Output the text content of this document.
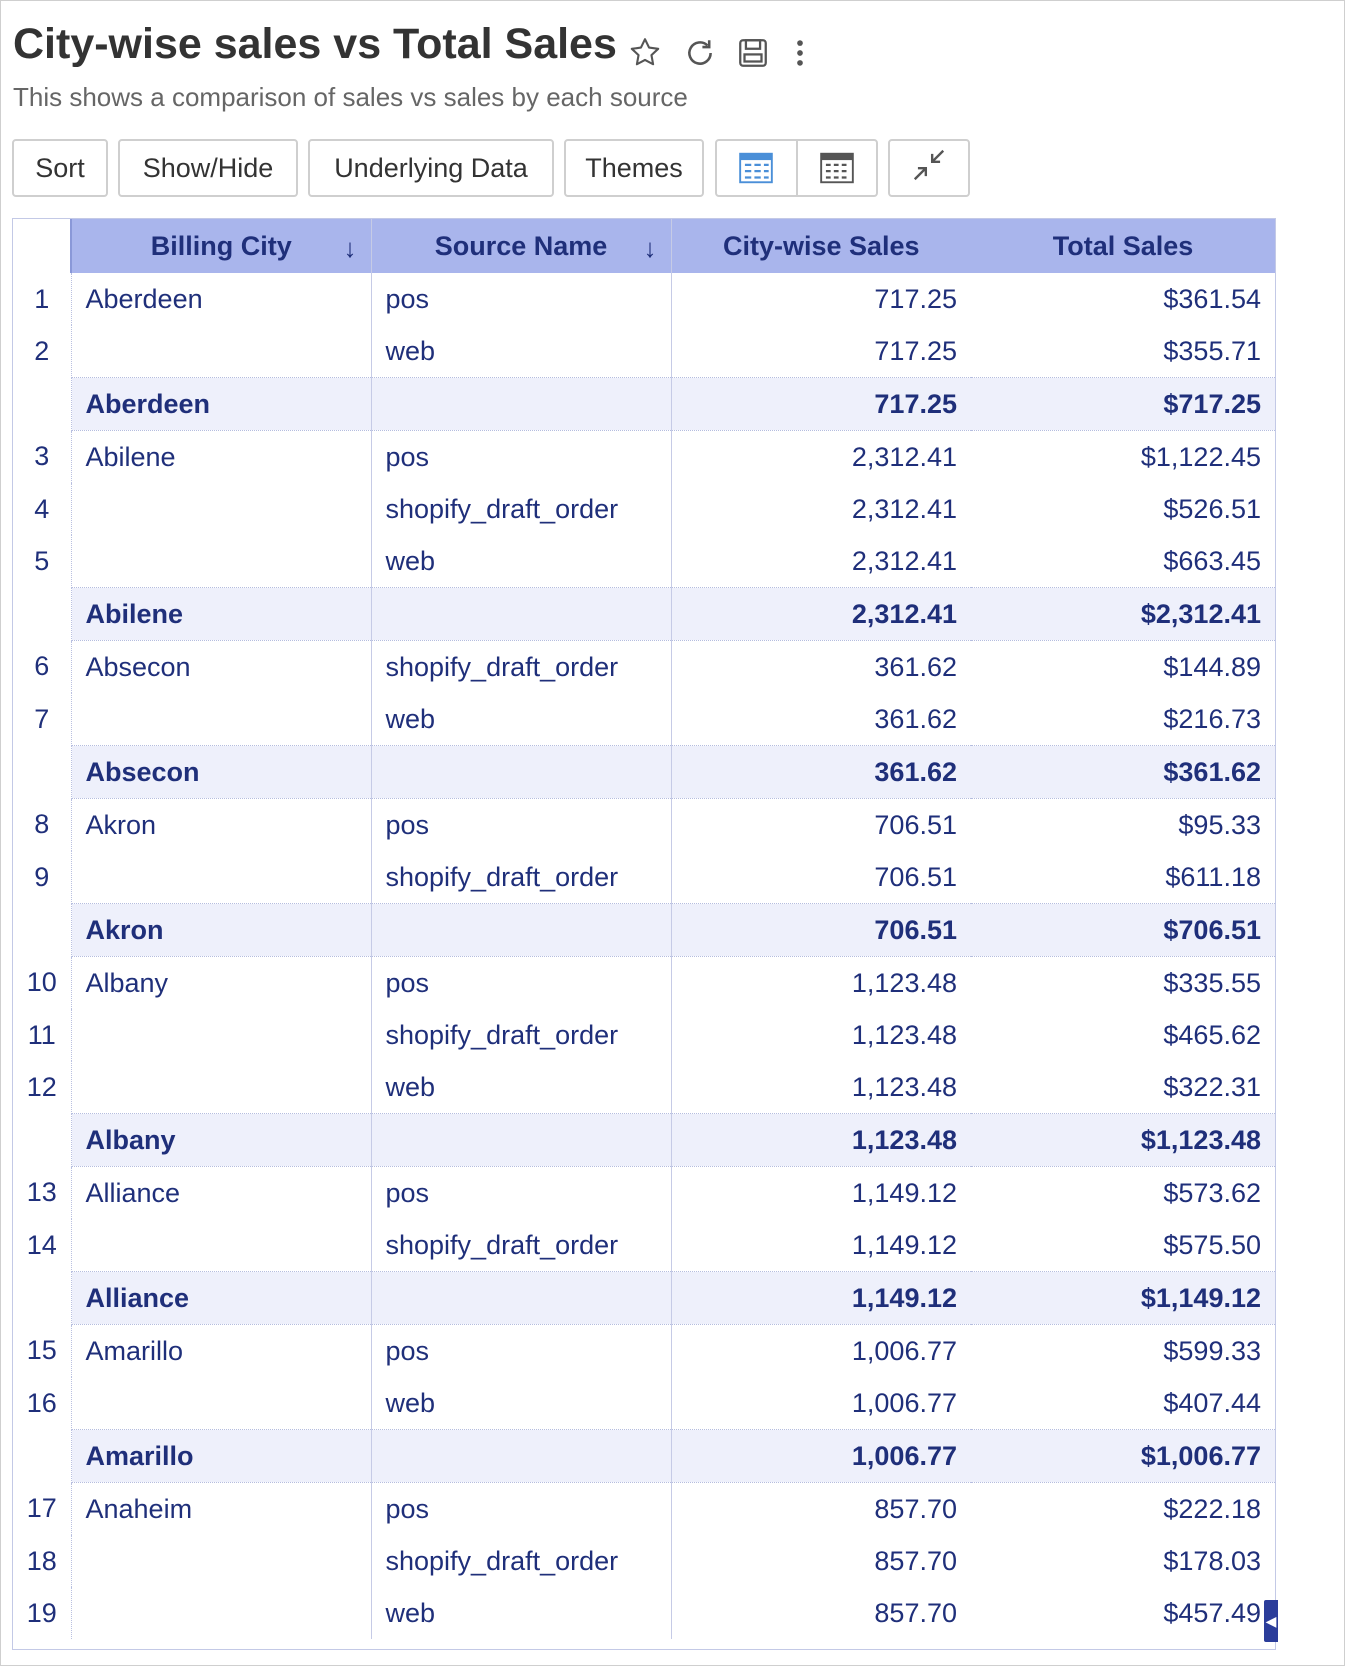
City-wise sales vs Total Sales
This shows a comparison of sales vs sales by each source
Sort	Show/Hide	Underlying Data	Themes

	Billing City ↓	Source Name ↓	City-wise Sales	Total Sales

1	Aberdeen	pos	717.25	$361.54
2		web	717.25	$355.71
	Aberdeen		717.25	$717.25
3	Abilene	pos	2,312.41	$1,122.45
4		shopify_draft_order	2,312.41	$526.51
5		web	2,312.41	$663.45
	Abilene		2,312.41	$2,312.41
6	Absecon	shopify_draft_order	361.62	$144.89
7		web	361.62	$216.73
	Absecon		361.62	$361.62
8	Akron	pos	706.51	$95.33
9		shopify_draft_order	706.51	$611.18
	Akron		706.51	$706.51
10	Albany	pos	1,123.48	$335.55
11		shopify_draft_order	1,123.48	$465.62
12		web	1,123.48	$322.31
	Albany		1,123.48	$1,123.48
13	Alliance	pos	1,149.12	$573.62
14		shopify_draft_order	1,149.12	$575.50
	Alliance		1,149.12	$1,149.12
15	Amarillo	pos	1,006.77	$599.33
16		web	1,006.77	$407.44
	Amarillo		1,006.77	$1,006.77
17	Anaheim	pos	857.70	$222.18
18		shopify_draft_order	857.70	$178.03
19		web	857.70	$457.49 ◀
